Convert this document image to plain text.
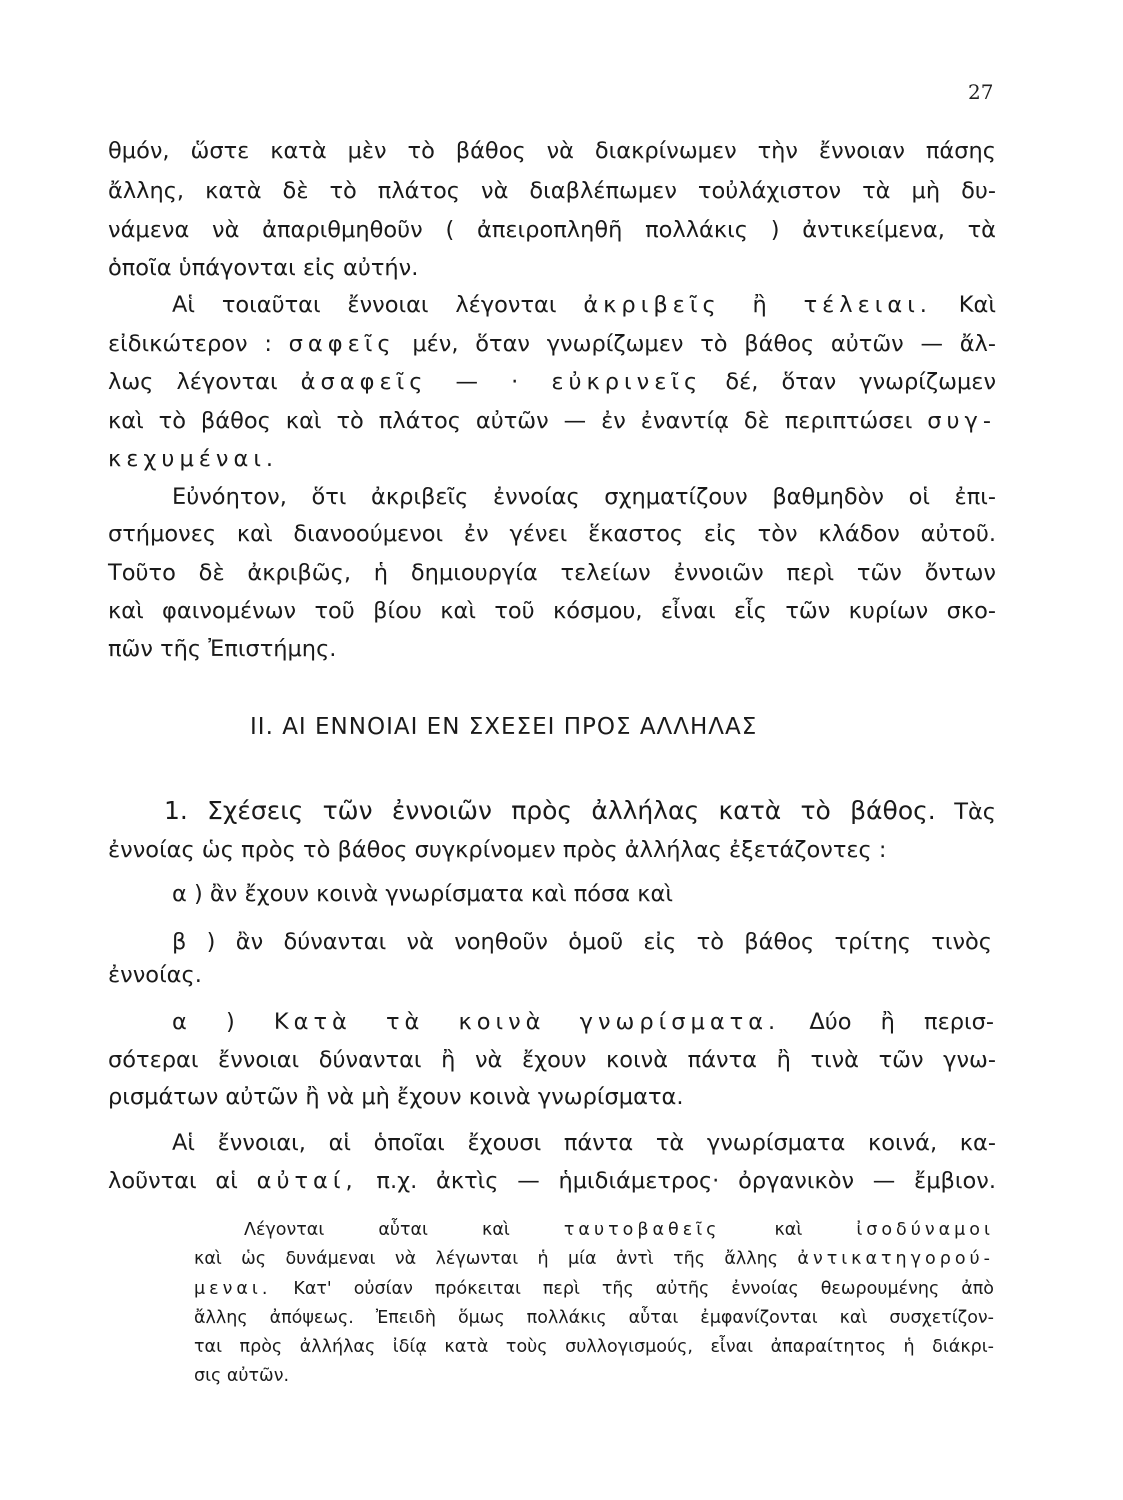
27
θμόν, ὥστε κατὰ μὲν τὸ βάθος νὰ διακρίνωμεν τὴν ἔννοιαν πάσης
ἄλλης, κατὰ δὲ τὸ πλάτος νὰ διαβλέπωμεν τοὐλάχιστον τὰ μὴ δυ-
νάμενα νὰ ἀπαριθμηθοῦν ( ἀπειροπληθῆ πολλάκις ) ἀντικείμενα, τὰ
ὁποῖα ὑπάγονται εἰς αὐτήν.
Αἱ τοιαῦται ἔννοιαι λέγονται ἀκριβεῖς ἢ τέλειαι. Καὶ
εἰδικώτερον : σαφεῖς μέν, ὅταν γνωρίζωμεν τὸ βάθος αὐτῶν — ἄλ-
λως λέγονται ἀσαφεῖς — · εὐκρινεῖς δέ, ὅταν γνωρίζωμεν
καὶ τὸ βάθος καὶ τὸ πλάτος αὐτῶν — ἐν ἐναντίᾳ δὲ περιπτώσει συγ-
κεχυμέναι.
Εὐνόητον, ὅτι ἀκριβεῖς ἐννοίας σχηματίζουν βαθμηδὸν οἱ ἐπι-
στήμονες καὶ διανοούμενοι ἐν γένει ἕκαστος εἰς τὸν κλάδον αὐτοῦ.
Τοῦτο δὲ ἀκριβῶς, ἡ δημιουργία τελείων ἐννοιῶν περὶ τῶν ὄντων
καὶ φαινομένων τοῦ βίου καὶ τοῦ κόσμου, εἶναι εἷς τῶν κυρίων σκο-
πῶν τῆς Ἐπιστήμης.
II. ΑΙ ΕΝΝΟΙΑΙ ΕΝ ΣΧΕΣΕΙ ΠΡΟΣ ΑΛΛΗΛΑΣ
1. Σχέσεις τῶν ἐννοιῶν πρὸς ἀλλήλας κατὰ τὸ βάθος. Τὰς
ἐννοίας ὡς πρὸς τὸ βάθος συγκρίνομεν πρὸς ἀλλήλας ἐξετάζοντες :
α ) ἂν ἔχουν κοινὰ γνωρίσματα καὶ πόσα καὶ
β ) ἂν δύνανται νὰ νοηθοῦν ὁμοῦ εἰς τὸ βάθος τρίτης τινὸς
ἐννοίας.
α ) Κατὰ τὰ κοινὰ γνωρίσματα. Δύο ἢ περισ-
σότεραι ἔννοιαι δύνανται ἢ νὰ ἔχουν κοινὰ πάντα ἢ τινὰ τῶν γνω-
ρισμάτων αὐτῶν ἢ νὰ μὴ ἔχουν κοινὰ γνωρίσματα.
Αἱ ἔννοιαι, αἱ ὁποῖαι ἔχουσι πάντα τὰ γνωρίσματα κοινά, κα-
λοῦνται αἱ αὐταί, π.χ. ἀκτὶς — ἡμιδιάμετρος· ὀργανικὸν — ἔμβιον.
Λέγονται	αὗται	καὶ	ταυτοβαθεῖς	καὶ	ἰσοδύναμοι
καὶ ὡς δυνάμεναι νὰ λέγωνται ἡ μία ἀντὶ τῆς ἄλλης ἀντικατηγορού-
μεναι. Κατ' οὐσίαν πρόκειται περὶ τῆς αὐτῆς ἐννοίας θεωρουμένης ἀπὸ
ἄλλης ἀπόψεως. Ἐπειδὴ ὅμως πολλάκις αὗται ἐμφανίζονται καὶ συσχετίζον-
ται πρὸς ἀλλήλας ἰδίᾳ κατὰ τοὺς συλλογισμούς, εἶναι ἀπαραίτητος ἡ διάκρι-
σις αὐτῶν.
